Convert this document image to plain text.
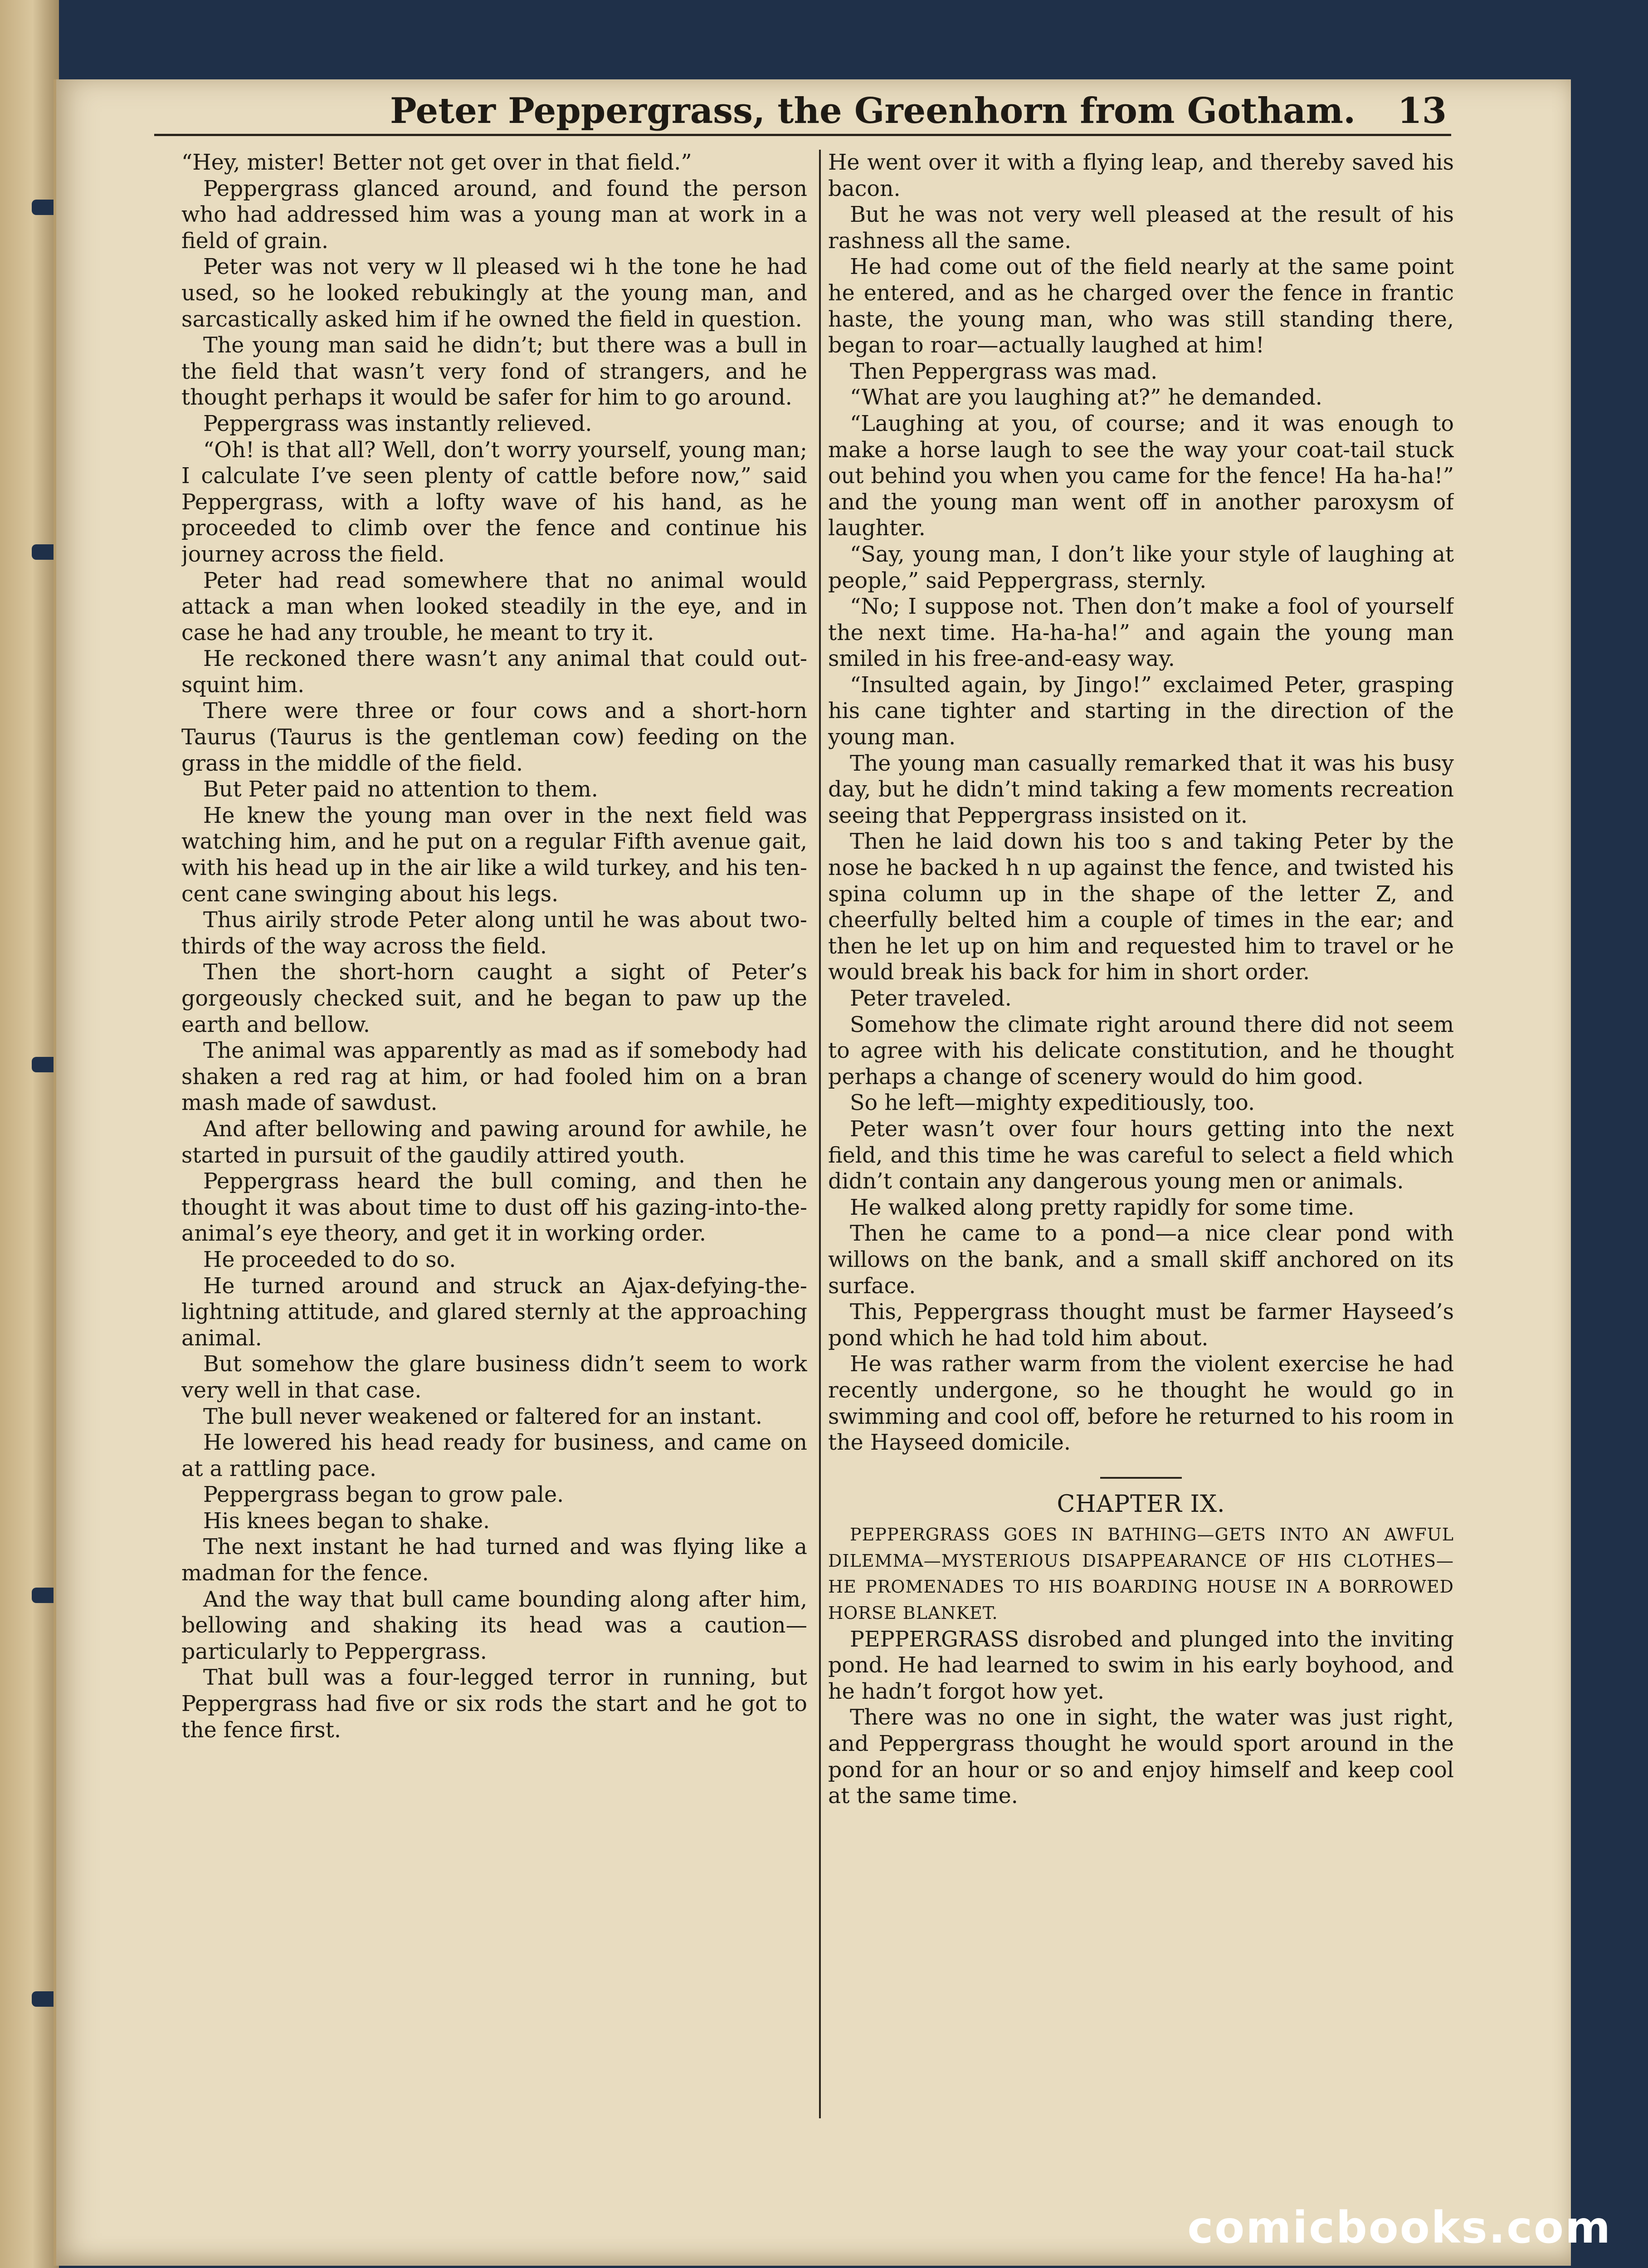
Peter Peppergrass, the Greenhorn from Gotham. 13

“Hey, mister! Better not get over in that field.”

Peppergrass glanced around, and found the person who had addressed him was a young man at work in a field of grain.

Peter was not very w ll pleased wi h the tone he had used, so he looked rebukingly at the young man, and sarcastically asked him if he owned the field in question.

The young man said he didn’t; but there was a bull in the field that wasn’t very fond of strangers, and he thought perhaps it would be safer for him to go around.

Peppergrass was instantly relieved.

“Oh! is that all? Well, don’t worry yourself, young man; I calculate I’ve seen plenty of cattle before now,” said Peppergrass, with a lofty wave of his hand, as he proceeded to climb over the fence and continue his journey across the field.

Peter had read somewhere that no animal would attack a man when looked steadily in the eye, and in case he had any trouble, he meant to try it.

He reckoned there wasn’t any animal that could out-squint him.

There were three or four cows and a short-horn Taurus (Taurus is the gentleman cow) feeding on the grass in the middle of the field.

But Peter paid no attention to them.

He knew the young man over in the next field was watching him, and he put on a regular Fifth avenue gait, with his head up in the air like a wild turkey, and his ten-cent cane swinging about his legs.

Thus airily strode Peter along until he was about two-thirds of the way across the field.

Then the short-horn caught a sight of Peter’s gorgeously checked suit, and he began to paw up the earth and bellow.

The animal was apparently as mad as if somebody had shaken a red rag at him, or had fooled him on a bran mash made of sawdust.

And after bellowing and pawing around for awhile, he started in pursuit of the gaudily attired youth.

Peppergrass heard the bull coming, and then he thought it was about time to dust off his gazing-into-the-animal’s eye theory, and get it in working order.

He proceeded to do so.

He turned around and struck an Ajax-defying-the-lightning attitude, and glared sternly at the approaching animal.

But somehow the glare business didn’t seem to work very well in that case.

The bull never weakened or faltered for an instant.

He lowered his head ready for business, and came on at a rattling pace.

Peppergrass began to grow pale.

His knees began to shake.

The next instant he had turned and was flying like a madman for the fence.

And the way that bull came bounding along after him, bellowing and shaking its head was a caution—particularly to Peppergrass.

That bull was a four-legged terror in running, but Peppergrass had five or six rods the start and he got to the fence first.

He went over it with a flying leap, and thereby saved his bacon.

But he was not very well pleased at the result of his rashness all the same.

He had come out of the field nearly at the same point he entered, and as he charged over the fence in frantic haste, the young man, who was still standing there, began to roar—actually laughed at him!

Then Peppergrass was mad.

“What are you laughing at?” he demanded.

“Laughing at you, of course; and it was enough to make a horse laugh to see the way your coat-tail stuck out behind you when you came for the fence! Ha ha-ha!” and the young man went off in another paroxysm of laughter.

“Say, young man, I don’t like your style of laughing at people,” said Peppergrass, sternly.

“No; I suppose not. Then don’t make a fool of yourself the next time. Ha-ha-ha!” and again the young man smiled in his free-and-easy way.

“Insulted again, by Jingo!” exclaimed Peter, grasping his cane tighter and starting in the direction of the young man.

The young man casually remarked that it was his busy day, but he didn’t mind taking a few moments recreation seeing that Peppergrass insisted on it.

Then he laid down his too s and taking Peter by the nose he backed h n up against the fence, and twisted his spina column up in the shape of the letter Z, and cheerfully belted him a couple of times in the ear; and then he let up on him and requested him to travel or he would break his back for him in short order.

Peter traveled.

Somehow the climate right around there did not seem to agree with his delicate constitution, and he thought perhaps a change of scenery would do him good.

So he left—mighty expeditiously, too.

Peter wasn’t over four hours getting into the next field, and this time he was careful to select a field which didn’t contain any dangerous young men or animals.

He walked along pretty rapidly for some time.

Then he came to a pond—a nice clear pond with willows on the bank, and a small skiff anchored on its surface.

This, Peppergrass thought must be farmer Hayseed’s pond which he had told him about.

He was rather warm from the violent exercise he had recently undergone, so he thought he would go in swimming and cool off, before he returned to his room in the Hayseed domicile.

CHAPTER IX.

PEPPERGRASS GOES IN BATHING—GETS INTO AN AWFUL DILEMMA—MYSTERIOUS DISAPPEARANCE OF HIS CLOTHES—HE PROMENADES TO HIS BOARDING HOUSE IN A BORROWED HORSE BLANKET.

PEPPERGRASS disrobed and plunged into the inviting pond. He had learned to swim in his early boyhood, and he hadn’t forgot how yet.

There was no one in sight, the water was just right, and Peppergrass thought he would sport around in the pond for an hour or so and enjoy himself and keep cool at the same time.

comicbooks.com
